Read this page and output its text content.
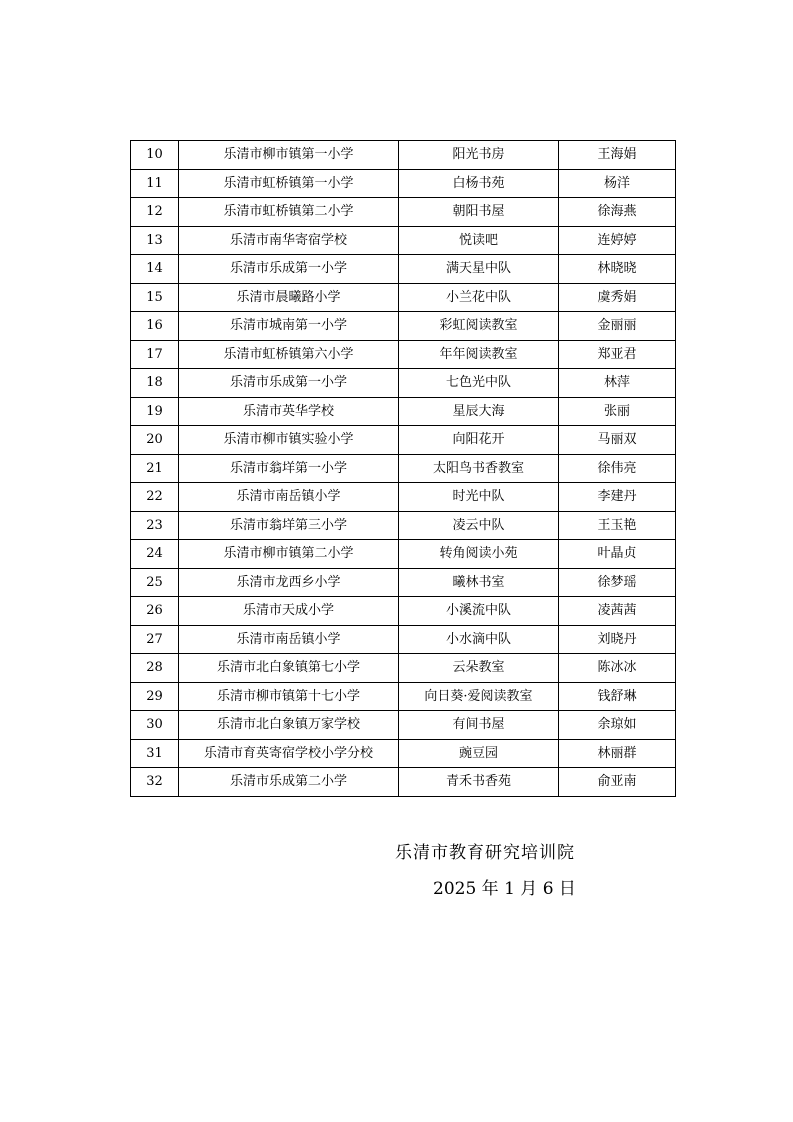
10	乐清市柳市镇第一小学	阳光书房	王海娟
11	乐清市虹桥镇第一小学	白杨书苑	杨洋
12	乐清市虹桥镇第二小学	朝阳书屋	徐海燕
13	乐清市南华寄宿学校	悦读吧	连婷婷
14	乐清市乐成第一小学	满天星中队	林晓晓
15	乐清市晨曦路小学	小兰花中队	虞秀娟
16	乐清市城南第一小学	彩虹阅读教室	金丽丽
17	乐清市虹桥镇第六小学	年年阅读教室	郑亚君
18	乐清市乐成第一小学	七色光中队	林萍
19	乐清市英华学校	星辰大海	张丽
20	乐清市柳市镇实验小学	向阳花开	马丽双
21	乐清市翁垟第一小学	太阳鸟书香教室	徐伟亮
22	乐清市南岳镇小学	时光中队	李建丹
23	乐清市翁垟第三小学	凌云中队	王玉艳
24	乐清市柳市镇第二小学	转角阅读小苑	叶晶贞
25	乐清市龙西乡小学	曦林书室	徐梦瑶
26	乐清市天成小学	小溪流中队	凌茜茜
27	乐清市南岳镇小学	小水滴中队	刘晓丹
28	乐清市北白象镇第七小学	云朵教室	陈冰冰
29	乐清市柳市镇第十七小学	向日葵·爱阅读教室	钱舒琳
30	乐清市北白象镇万家学校	有间书屋	余琼如
31	乐清市育英寄宿学校小学分校	豌豆园	林丽群
32	乐清市乐成第二小学	青禾书香苑	俞亚南
乐清市教育研究培训院
2025 年 1 月 6 日
